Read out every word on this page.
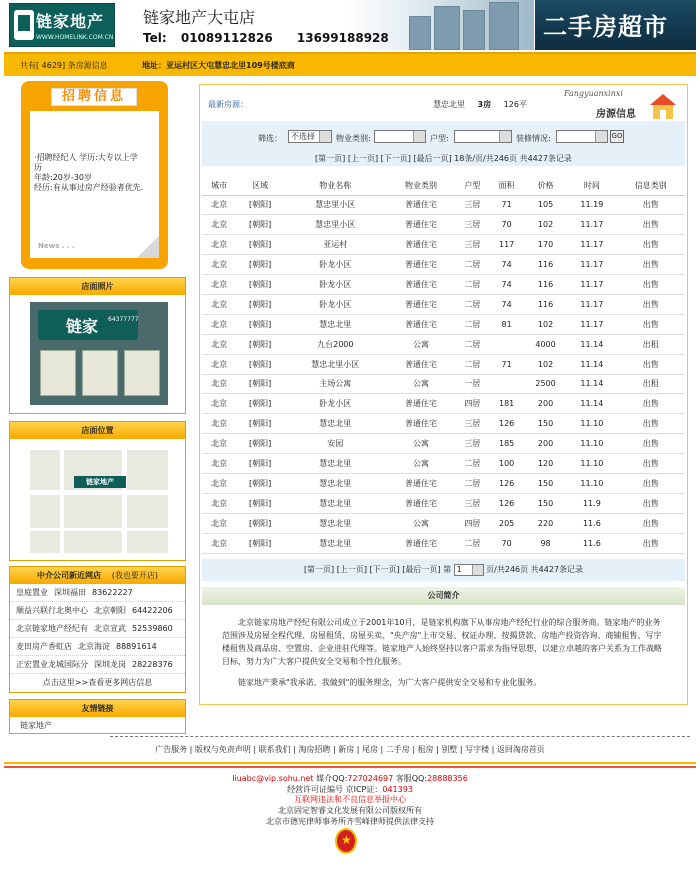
链家地产
WWW.HOMELINK.COM.CN
链家地产大屯店
Tel: 01089112826 13699188928	二手房超市
共有[ 4629] 条房源信息	地址：亚运村区大屯慧忠北里109号楼底商
招聘信息
·招聘经纪人 学历:大专以上学
历
年龄:20岁-30岁
经历:有从事过房产经验者优先.
News . . .
店面照片
链家 64377777
店面位置
链家地产
中介公司新近网店 (我也要开店)
皇庭置业 深圳福田 83622227
顺益兴联行北奥中心 北京朝阳 64422206
北京链家地产经纪有 北京宣武 52539860
麦田房产香虹店 北京海淀 88891614
正宏置业龙城国际分 深圳龙岗 28228376
点击这里>>查看更多网店信息
友情链接
链家地产
最新房源：	慧忠北里 3房 126平
Fangyuanxinxi
房源信息
筛选：	不选择	物业类别:	户型:	装修情况:	GO
[第一页] [上一页] [下一页] [最后一页] 18条/页/共246页 共4427条记录
城市	区域	物业名称	物业类别	户型	面积	价格	时间	信息类别
北京	[朝阳]	慧忠里小区	普通住宅	三居	71	105	11.19	出售
北京	[朝阳]	慧忠里小区	普通住宅	三居	70	102	11.17	出售
北京	[朝阳]	亚运村	普通住宅	三居	117	170	11.17	出售
北京	[朝阳]	卧龙小区	普通住宅	二居	74	116	11.17	出售
北京	[朝阳]	卧龙小区	普通住宅	二居	74	116	11.17	出售
北京	[朝阳]	卧龙小区	普通住宅	二居	74	116	11.17	出售
北京	[朝阳]	慧忠北里	普通住宅	二居	81	102	11.17	出售
北京	[朝阳]	九台2000	公寓	二居		4000	11.14	出租
北京	[朝阳]	慧忠北里小区	普通住宅	二居	71	102	11.14	出售
北京	[朝阳]	主场公寓	公寓	一居		2500	11.14	出租
北京	[朝阳]	卧龙小区	普通住宅	四居	181	200	11.14	出售
北京	[朝阳]	慧忠北里	普通住宅	三居	126	150	11.10	出售
北京	[朝阳]	安园	公寓	三居	185	200	11.10	出售
北京	[朝阳]	慧忠北里	公寓	二居	100	120	11.10	出售
北京	[朝阳]	慧忠北里	普通住宅	二居	126	150	11.10	出售
北京	[朝阳]	慧忠北里	普通住宅	三居	126	150	11.9	出售
北京	[朝阳]	慧忠北里	公寓	四居	205	220	11.6	出售
北京	[朝阳]	慧忠北里	普通住宅	二居	70	98	11.6	出售
[第一页] [上一页] [下一页] [最后一页] 第 1	页/共246页 共4427条记录
公司简介

北京链家房地产经纪有限公司成立于2001年10月，是链家机构旗下从事房地产经纪行业的综合服务商。链家地产的业务范围涉及房屋全程代理、房屋租赁、房屋买卖、"央产房"上市交易、权证办理、按揭贷款、房地产投资咨询、商铺租售、写字楼租售及商品房、空置房、企业进驻代理等。链家地产人始终坚持以客户需求为指导思想，以建立卓越的客户关系为工作战略目标，努力为广大客户提供安全交易和个性化服务。

链家地产秉承"我承诺、我做到"的服务理念，为广大客户提供安全交易和专业化服务。

广告服务 | 版权与免责声明 | 联系我们 | 淘房招聘 | 新房 | 尾房 | 二手房 | 租房 | 别墅 | 写字楼 | 返回淘房首页
liuabc@vip.sohu.net 媒介QQ:727024697 客服QQ:28888356
经营许可证编号 京ICP证：041393
互联网违法和不良信息举报中心
北京固定智睿文化发展有限公司版权所有
北京市德宪律师事务所齐雪峰律师提供法律支持
★
